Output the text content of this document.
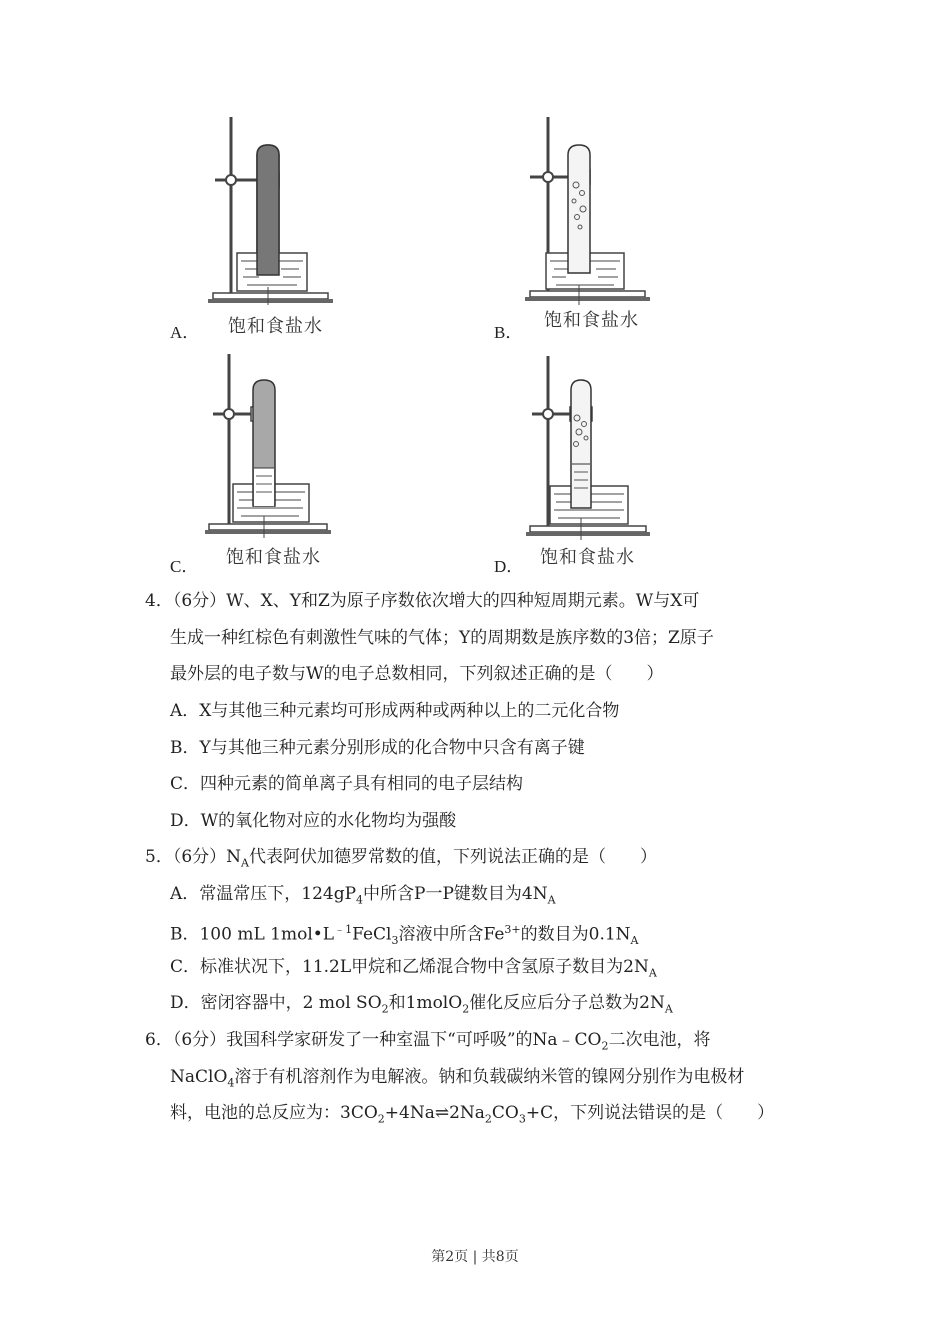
A． 饱和食盐水	B．
饱和食盐水
C． 饱和食盐水	D． 饱和食盐水
4．（6分）W、X、Y和Z为原子序数依次增大的四种短周期元素。W与X可
生成一种红棕色有刺激性气味的气体；Y的周期数是族序数的3倍；Z原子
最外层的电子数与W的电子总数相同，下列叙述正确的是（　　）
A．X与其他三种元素均可形成两种或两种以上的二元化合物
B．Y与其他三种元素分别形成的化合物中只含有离子键
C．四种元素的简单离子具有相同的电子层结构
D．W的氧化物对应的水化物均为强酸
5．（6分）$N_A$代表阿伏加德罗常数的值，下列说法正确的是（　　）
A．常温常压下，$124gP_4$中所含P一P键数目为$4N_A$
B．100 mL $1mol•L^{﹣1}FeCl_3$溶液中所含$Fe^{3+}$的数目为$0.1N_A$
C．标准状况下，11.2L甲烷和乙烯混合物中含氢原子数目为$2N_A$
D．密闭容器中，2 mol $SO_2$和1molO$_2$催化反应后分子总数为$2N_A$
6．（6分）我国科学家研发了一种室温下“可呼吸”的$Na﹣CO_2$二次电池，将
NaClO$_4$溶于有机溶剂作为电解液。钠和负载碳纳米管的镍网分别作为电极材
料，电池的总反应为：$3CO_2+4Na\rightleftharpoons 2Na_2CO_3+C$，下列说法错误的是（　　）
第2页 | 共8页
